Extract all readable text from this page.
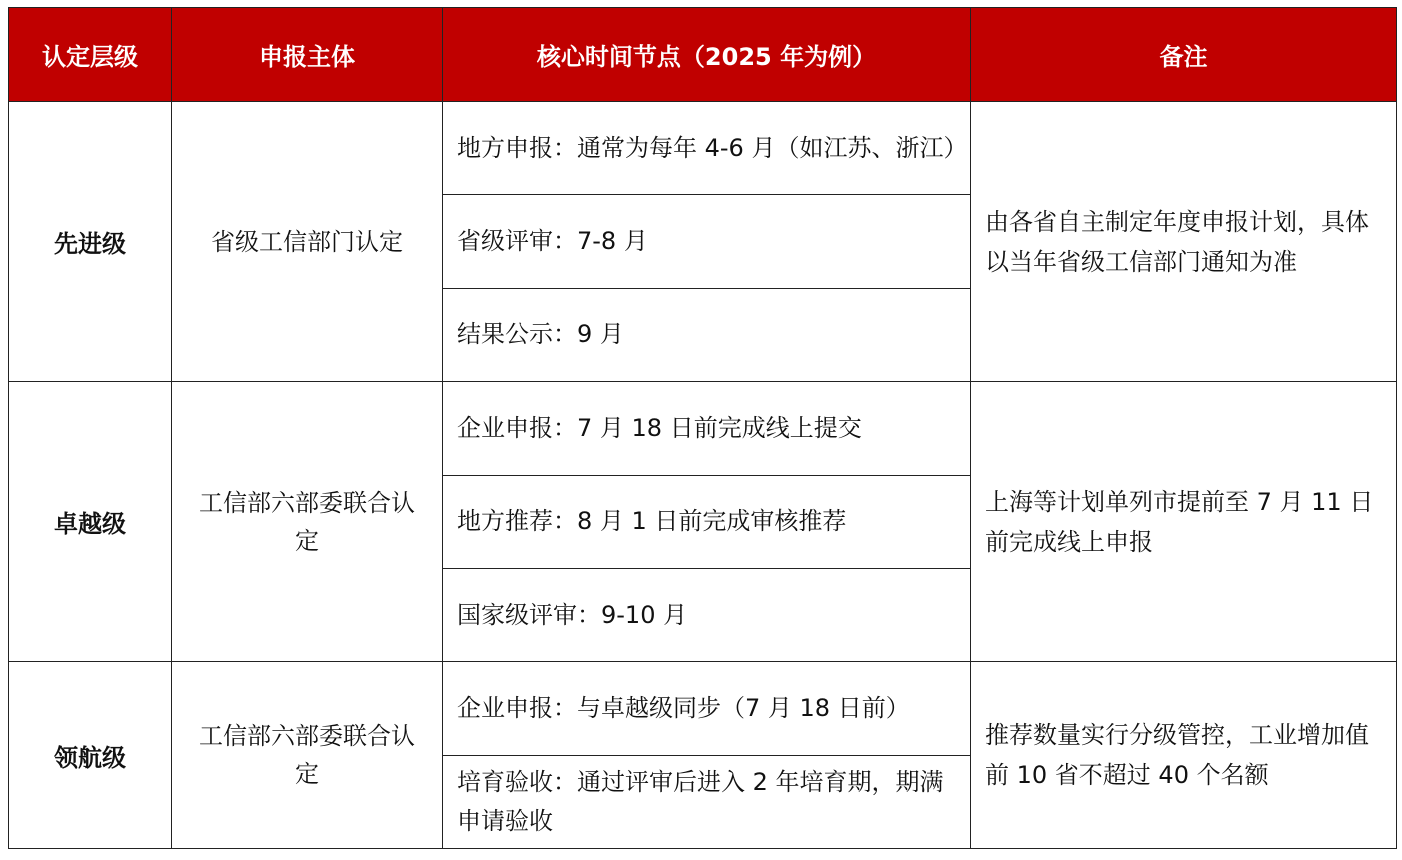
认定层级	申报主体	核心时间节点（2025 年为例）	备注
先进级	省级工信部门认定	地方申报：通常为每年 4-6 月（如江苏、浙江）	由各省自主制定年度申报计划，具体以当年省级工信部门通知为准
		省级评审：7-8 月	
		结果公示：9 月	
卓越级	工信部六部委联合认定	企业申报：7 月 18 日前完成线上提交	上海等计划单列市提前至 7 月 11 日前完成线上申报
		地方推荐：8 月 1 日前完成审核推荐	
		国家级评审：9-10 月	
领航级	工信部六部委联合认定	企业申报：与卓越级同步（7 月 18 日前）	推荐数量实行分级管控，工业增加值前 10 省不超过 40 个名额
		培育验收：通过评审后进入 2 年培育期，期满申请验收	
